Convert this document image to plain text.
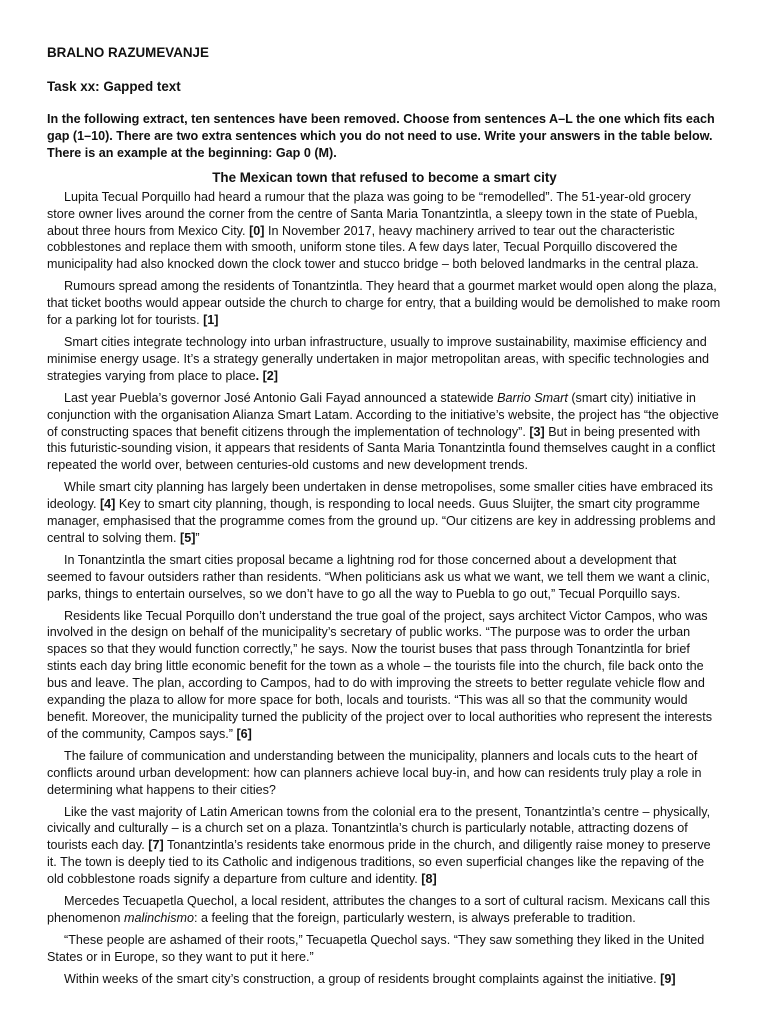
BRALNO RAZUMEVANJE
Task xx: Gapped text
In the following extract, ten sentences have been removed. Choose from sentences A–L the one which fits each gap (1–10). There are two extra sentences which you do not need to use. Write your answers in the table below. There is an example at the beginning: Gap 0 (M).
The Mexican town that refused to become a smart city

Lupita Tecual Porquillo had heard a rumour that the plaza was going to be “remodelled”. The 51-year-old grocery store owner lives around the corner from the centre of Santa Maria Tonantzintla, a sleepy town in the state of Puebla, about three hours from Mexico City. [0] In November 2017, heavy machinery arrived to tear out the characteristic cobblestones and replace them with smooth, uniform stone tiles. A few days later, Tecual Porquillo discovered the municipality had also knocked down the clock tower and stucco bridge – both beloved landmarks in the central plaza.

Rumours spread among the residents of Tonantzintla. They heard that a gourmet market would open along the plaza, that ticket booths would appear outside the church to charge for entry, that a building would be demolished to make room for a parking lot for tourists. [1]

Smart cities integrate technology into urban infrastructure, usually to improve sustainability, maximise efficiency and minimise energy usage. It’s a strategy generally undertaken in major metropolitan areas, with specific technologies and strategies varying from place to place. [2]

Last year Puebla’s governor José Antonio Gali Fayad announced a statewide Barrio Smart (smart city) initiative in conjunction with the organisation Alianza Smart Latam. According to the initiative’s website, the project has “the objective of constructing spaces that benefit citizens through the implementation of technology”. [3] But in being presented with this futuristic-sounding vision, it appears that residents of Santa Maria Tonantzintla found themselves caught in a conflict repeated the world over, between centuries-old customs and new development trends.

While smart city planning has largely been undertaken in dense metropolises, some smaller cities have embraced its ideology. [4] Key to smart city planning, though, is responding to local needs. Guus Sluijter, the smart city programme manager, emphasised that the programme comes from the ground up. “Our citizens are key in addressing problems and central to solving them. [5]”

In Tonantzintla the smart cities proposal became a lightning rod for those concerned about a development that seemed to favour outsiders rather than residents. “When politicians ask us what we want, we tell them we want a clinic, parks, things to entertain ourselves, so we don’t have to go all the way to Puebla to go out,” Tecual Porquillo says.

Residents like Tecual Porquillo don’t understand the true goal of the project, says architect Victor Campos, who was involved in the design on behalf of the municipality’s secretary of public works. “The purpose was to order the urban spaces so that they would function correctly,” he says. Now the tourist buses that pass through Tonantzintla for brief stints each day bring little economic benefit for the town as a whole – the tourists file into the church, file back onto the bus and leave. The plan, according to Campos, had to do with improving the streets to better regulate vehicle flow and expanding the plaza to allow for more space for both, locals and tourists. “This was all so that the community would benefit. Moreover, the municipality turned the publicity of the project over to local authorities who represent the interests of the community, Campos says.” [6]

The failure of communication and understanding between the municipality, planners and locals cuts to the heart of conflicts around urban development: how can planners achieve local buy-in, and how can residents truly play a role in determining what happens to their cities?

Like the vast majority of Latin American towns from the colonial era to the present, Tonantzintla’s centre – physically, civically and culturally – is a church set on a plaza. Tonantzintla’s church is particularly notable, attracting dozens of tourists each day. [7] Tonantzintla’s residents take enormous pride in the church, and diligently raise money to preserve it. The town is deeply tied to its Catholic and indigenous traditions, so even superficial changes like the repaving of the old cobblestone roads signify a departure from culture and identity. [8]

Mercedes Tecuapetla Quechol, a local resident, attributes the changes to a sort of cultural racism. Mexicans call this phenomenon malinchismo: a feeling that the foreign, particularly western, is always preferable to tradition.

“These people are ashamed of their roots,” Tecuapetla Quechol says. “They saw something they liked in the United States or in Europe, so they want to put it here.”

Within weeks of the smart city’s construction, a group of residents brought complaints against the initiative. [9]
